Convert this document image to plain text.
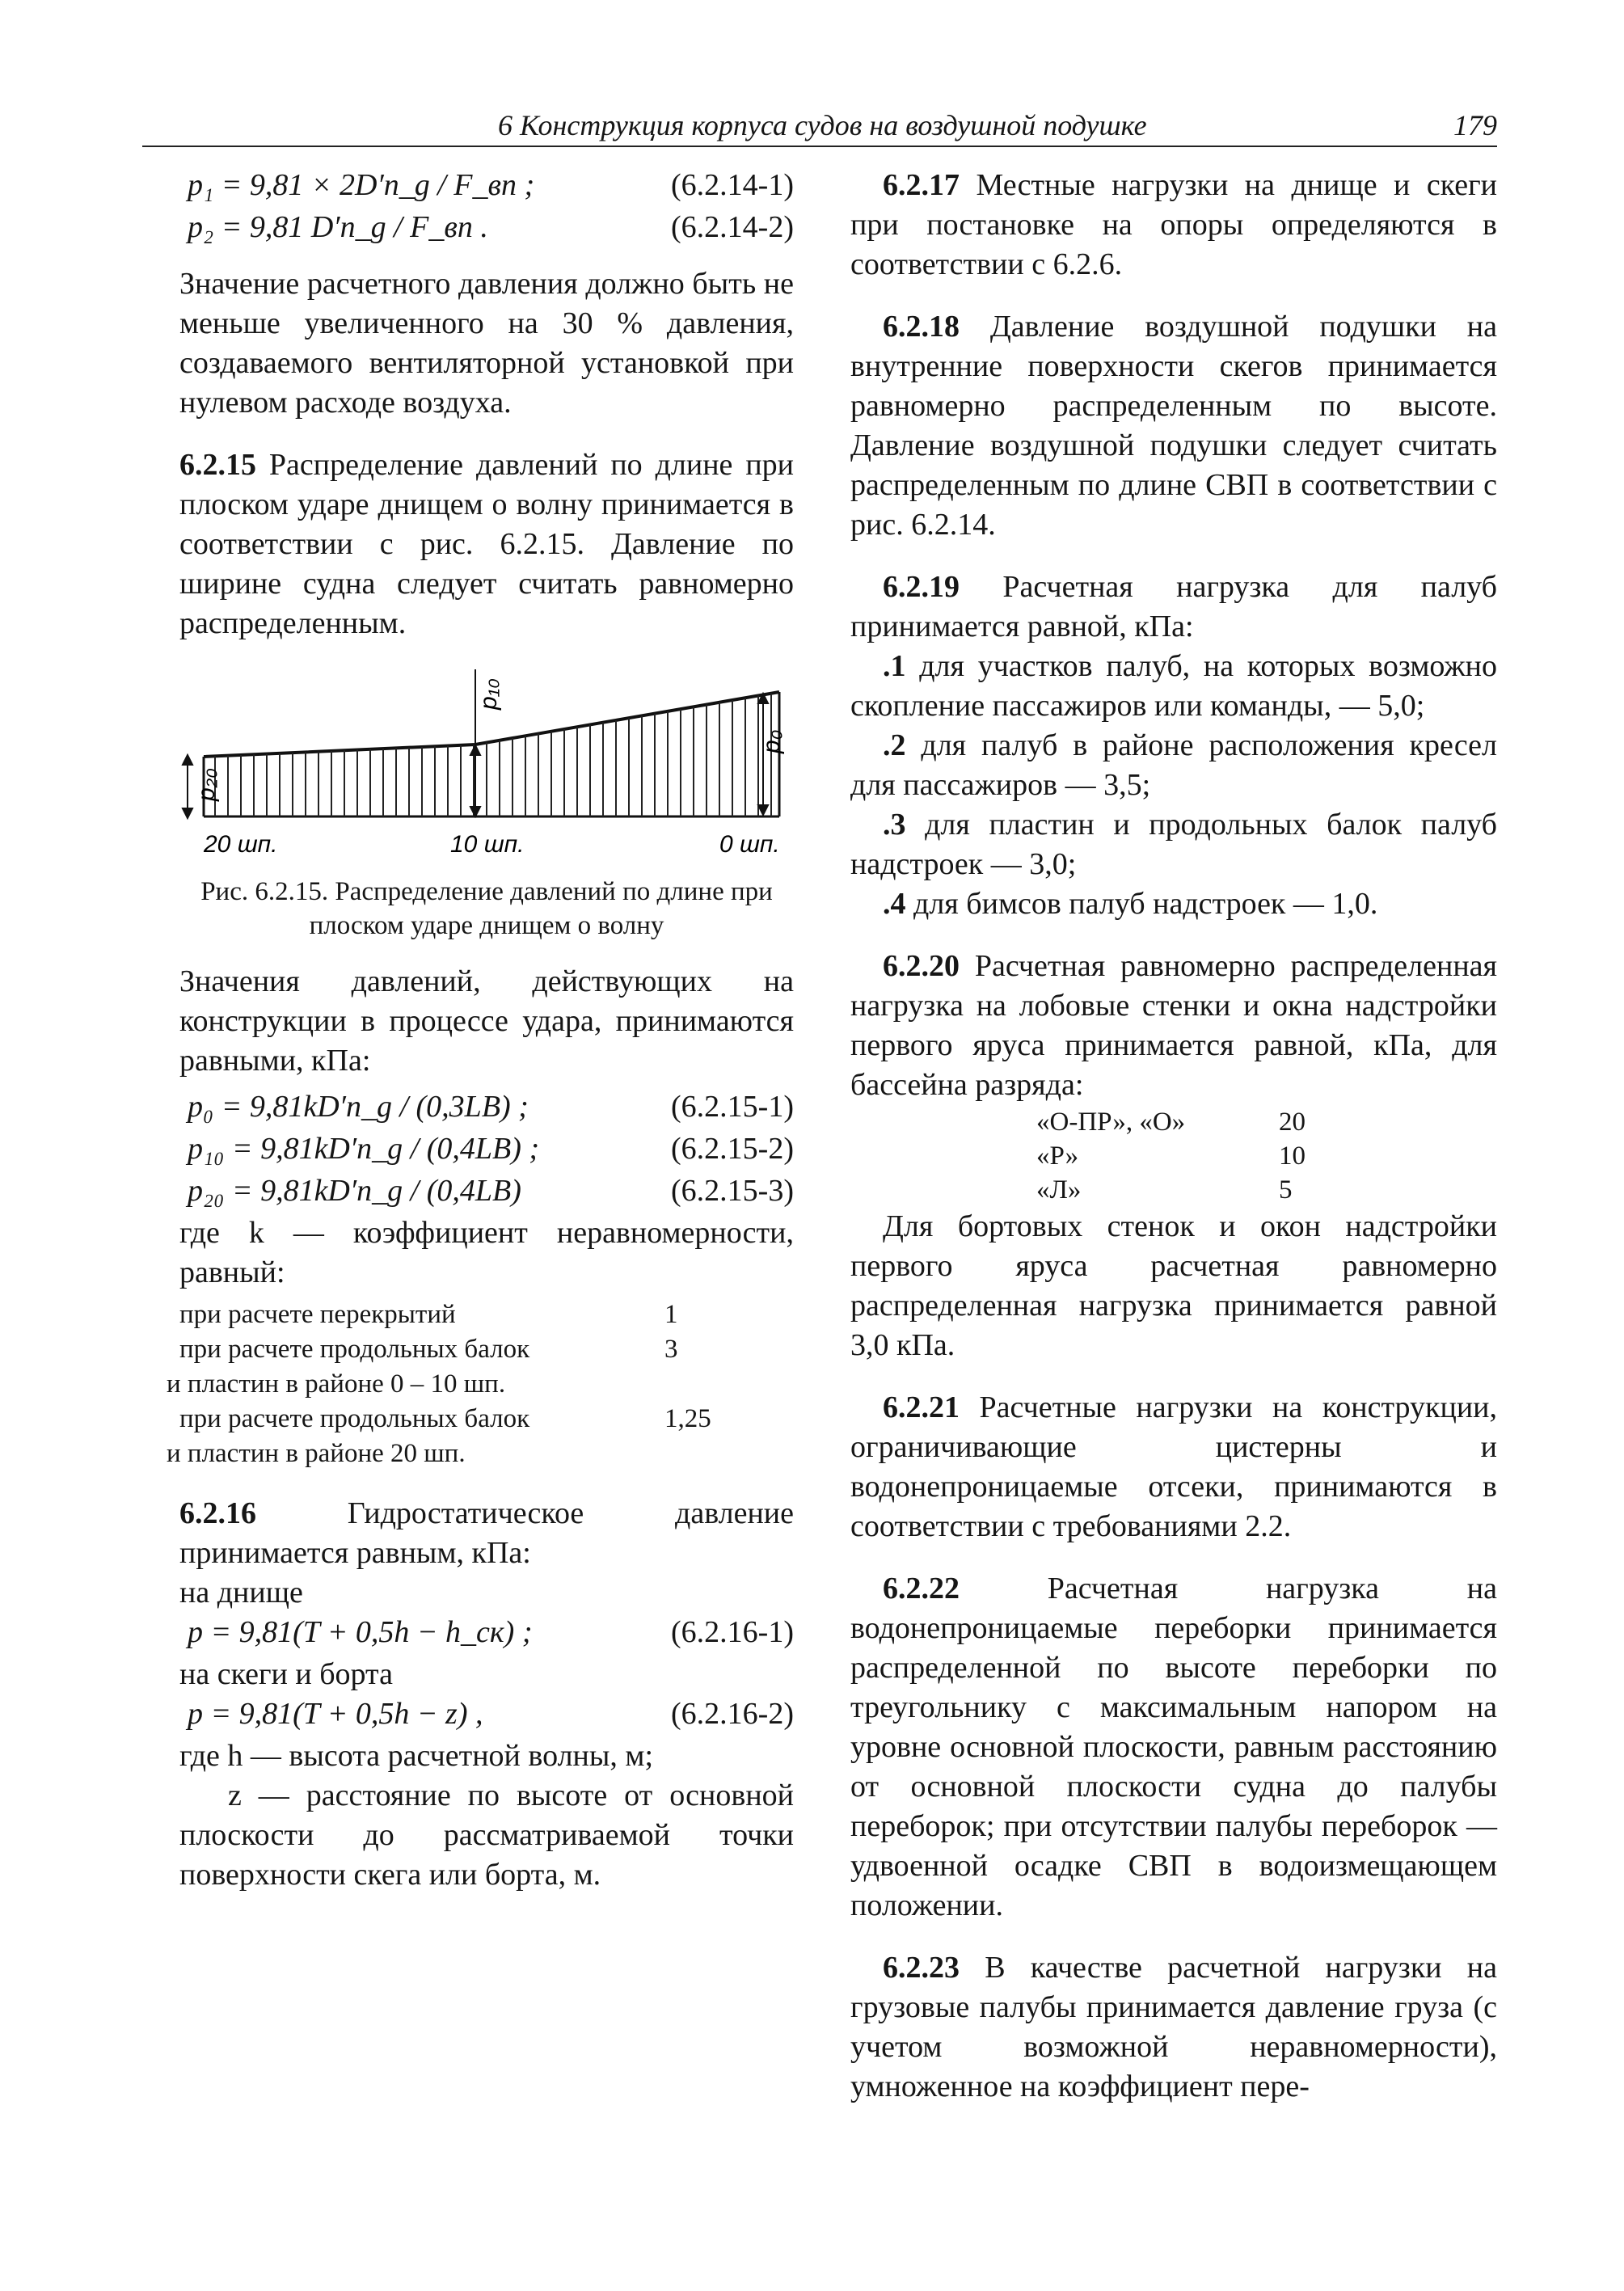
6 Конструкция корпуса судов на воздушной подушке	179
p₁ = 9,81 × 2D′n_g / F_вп ;	(6.2.14-1)
p₂ = 9,81 D′n_g / F_вп .	(6.2.14-2)

Значение расчетного давления должно быть не меньше увеличенного на 30 % давления, создаваемого вентиляторной установкой при нулевом расходе воздуха.

6.2.15 Распределение давлений по длине при плоском ударе днищем о волну принимается в соответствии с рис. 6.2.15. Давление по ширине судна следует считать равномерно распределенным.

p₂₀
p₁₀
p₀
20 шп.	10 шп.	0 шп.
Рис. 6.2.15. Распределение давлений по длине при
плоском ударе днищем о волну

Значения давлений, действующих на конструкции в процессе удара, принимаются равными, кПа:

p₀ = 9,81kD′n_g / (0,3LB) ;	(6.2.15-1)
p₁₀ = 9,81kD′n_g / (0,4LB) ;	(6.2.15-2)
p₂₀ = 9,81kD′n_g / (0,4LB)	(6.2.15-3)

где k — коэффициент неравномерности, равный:

при расчете перекрытий	1
при расчете продольных балок	3
и пластин в районе 0 – 10 шп.
при расчете продольных балок	1,25
и пластин в районе 20 шп.

6.2.16	Гидростатическое давление принимается равным, кПа:

на днище

p = 9,81(T + 0,5h − h_ск) ;	(6.2.16-1)

на скеги и борта

p = 9,81(T + 0,5h − z) ,	(6.2.16-2)

где h — высота расчетной волны, м;

z — расстояние по высоте от основной плоскости до рассматриваемой точки поверхности скега или борта, м.

6.2.17 Местные нагрузки на днище и скеги при постановке на опоры определяются в соответствии с 6.2.6.

6.2.18 Давление воздушной подушки на внутренние поверхности скегов принимается равномерно распределенным по высоте. Давление воздушной подушки следует считать распределенным по длине СВП в соответствии с рис. 6.2.14.

6.2.19 Расчетная нагрузка для палуб принимается равной, кПа:

.1 для участков палуб, на которых возможно скопление пассажиров или команды, — 5,0;

.2 для палуб в районе расположения кресел для пассажиров — 3,5;

.3 для пластин и продольных балок палуб надстроек — 3,0;

.4 для бимсов палуб надстроек — 1,0.

6.2.20 Расчетная равномерно распределенная нагрузка на лобовые стенки и окна надстройки первого яруса принимается равной, кПа, для бассейна разряда:

«О-ПР», «О»	20
«Р»	10
«Л»	5

Для бортовых стенок и окон надстройки первого яруса расчетная равномерно распределенная нагрузка принимается равной 3,0 кПа.

6.2.21 Расчетные нагрузки на конструкции, ограничивающие цистерны и водонепроницаемые отсеки, принимаются в соответствии с требованиями 2.2.

6.2.22	Расчетная нагрузка на водонепроницаемые переборки принимается распределенной по высоте переборки по треугольнику с максимальным напором на уровне основной плоскости, равным расстоянию от основной плоскости судна до палубы переборок; при отсутствии палубы переборок — удвоенной осадке СВП в водоизмещающем положении.

6.2.23 В качестве расчетной нагрузки на грузовые палубы принимается давление груза (с учетом возможной неравномерности), умноженное на коэффициент пере-
